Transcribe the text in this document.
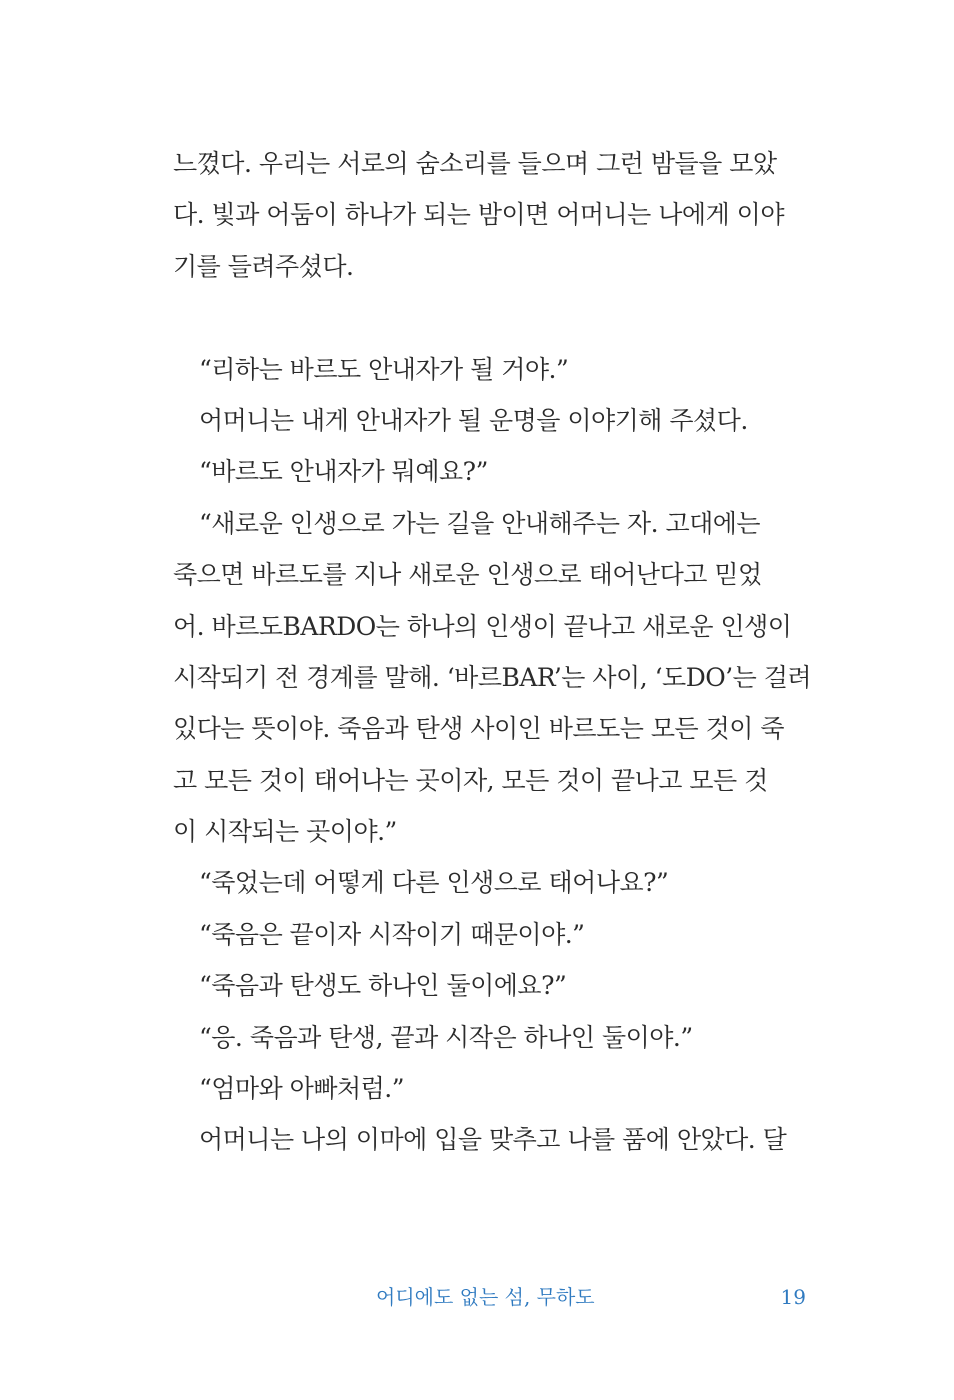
느꼈다. 우리는 서로의 숨소리를 들으며 그런 밤들을 모았
다. 빛과 어둠이 하나가 되는 밤이면 어머니는 나에게 이야
기를 들려주셨다.
“리하는 바르도 안내자가 될 거야.”
어머니는 내게 안내자가 될 운명을 이야기해 주셨다.
“바르도 안내자가 뭐예요?”
“새로운 인생으로 가는 길을 안내해주는 자. 고대에는
죽으면 바르도를 지나 새로운 인생으로 태어난다고 믿었
어. 바르도BARDO는 하나의 인생이 끝나고 새로운 인생이
시작되기 전 경계를 말해. ‘바르BAR’는 사이, ‘도DO’는 걸려
있다는 뜻이야. 죽음과 탄생 사이인 바르도는 모든 것이 죽
고 모든 것이 태어나는 곳이자, 모든 것이 끝나고 모든 것
이 시작되는 곳이야.”
“죽었는데 어떻게 다른 인생으로 태어나요?”
“죽음은 끝이자 시작이기 때문이야.”
“죽음과 탄생도 하나인 둘이에요?”
“응. 죽음과 탄생, 끝과 시작은 하나인 둘이야.”
“엄마와 아빠처럼.”
어머니는 나의 이마에 입을 맞추고 나를 품에 안았다. 달
어디에도 없는 섬, 무하도	19
